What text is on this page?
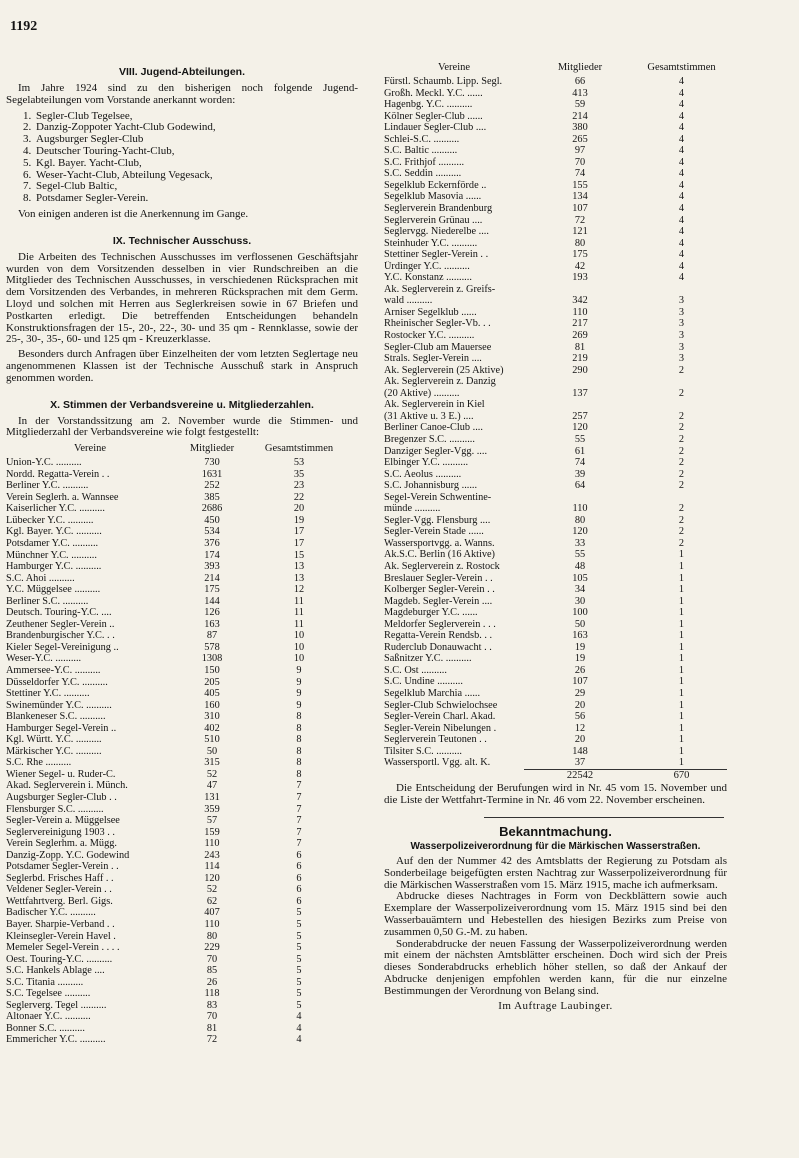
1192
VIII. Jugend-Abteilungen.

Im Jahre 1924 sind zu den bisherigen noch folgende Jugend-Segelabteilungen vom Vorstande anerkannt worden:

1. Segler-Club Tegelsee,
2. Danzig-Zoppoter Yacht-Club Godewind,
3. Augsburger Segler-Club
4. Deutscher Touring-Yacht-Club,
5. Kgl. Bayer. Yacht-Club,
6. Weser-Yacht-Club, Abteilung Vegesack,
7. Segel-Club Baltic,
8. Potsdamer Segler-Verein.

Von einigen anderen ist die Anerkennung im Gange.

IX. Technischer Ausschuss.

Die Arbeiten des Technischen Ausschusses im verflossenen Geschäftsjahr wurden von dem Vorsitzenden desselben in vier Rundschreiben an die Mitglieder des Technischen Ausschusses, in verschiedenen Rücksprachen mit dem Vorsitzenden des Verbandes, in mehreren Rücksprachen mit dem Germ. Lloyd und solchen mit Herren aus Seglerkreisen sowie in 67 Briefen und Postkarten erledigt. Die betreffenden Entscheidungen behandeln Konstruktionsfragen der 15-, 20-, 22-, 30- und 35 qm - Rennklasse, sowie der 25-, 30-, 35-, 60- und 125 qm - Kreuzerklasse.

Besonders durch Anfragen über Einzelheiten der vom letzten Seglertage neu angenommenen Klassen ist der Technische Ausschuß stark in Anspruch genommen worden.

X. Stimmen der Verbandsvereine u. Mitgliederzahlen.

In der Vorstandssitzung am 2. November wurde die Stimmen- und Mitgliederzahl der Verbandsvereine wie folgt festgestellt:

Vereine	Mitglieder	Gesamtstimmen
Union-Y.C. ..........	730	53
Nordd. Regatta-Verein . .	1631	35
Berliner Y.C. ..........	252	23
Verein Seglerh. a. Wannsee	385	22
Kaiserlicher Y.C. ..........	2686	20
Lübecker Y.C. ..........	450	19
Kgl. Bayer. Y.C. ..........	534	17
Potsdamer Y.C. ..........	376	17
Münchner Y.C. ..........	174	15
Hamburger Y.C. ..........	393	13
S.C. Ahoi ..........	214	13
Y.C. Müggelsee ..........	175	12
Berliner S.C. ..........	144	11
Deutsch. Touring-Y.C. ....	126	11
Zeuthener Segler-Verein ..	163	11
Brandenburgischer Y.C. . .	87	10
Kieler Segel-Vereinigung ..	578	10
Weser-Y.C. ..........	1308	10
Ammersee-Y.C. ..........	150	9
Düsseldorfer Y.C. ..........	205	9
Stettiner Y.C. ..........	405	9
Swinemünder Y.C. ..........	160	9
Blankeneser S.C. ..........	310	8
Hamburger Segel-Verein ..	402	8
Kgl. Württ. Y.C. ..........	510	8
Märkischer Y.C. ..........	50	8
S.C. Rhe ..........	315	8
Wiener Segel- u. Ruder-C.	52	8
Akad. Seglerverein i. Münch.	47	7
Augsburger Segler-Club . .	131	7
Flensburger S.C. ..........	359	7
Segler-Verein a. Müggelsee	57	7
Seglervereinigung 1903 . .	159	7
Verein Seglerhm. a. Mügg.	110	7
Danzig-Zopp. Y.C. Godewind	243	6
Potsdamer Segler-Verein . .	114	6
Seglerbd. Frisches Haff . .	120	6
Veldener Segler-Verein . .	52	6
Wettfahrtverg. Berl. Gigs.	62	6
Badischer Y.C. ..........	407	5
Bayer. Sharpie-Verband . .	110	5
Kleinsegler-Verein Havel .	80	5
Memeler Segel-Verein . . . .	229	5
Oest. Touring-Y.C. ..........	70	5
S.C. Hankels Ablage ....	85	5
S.C. Titania ..........	26	5
S.C. Tegelsee ..........	118	5
Seglerverg. Tegel ..........	83	5
Altonaer Y.C. ..........	70	4
Bonner S.C. ..........	81	4
Emmericher Y.C. ..........	72	4
Vereine	Mitglieder	Gesamtstimmen
Fürstl. Schaumb. Lipp. Segl.	66	4
Großh. Meckl. Y.C. ......	413	4
Hagenbg. Y.C. ..........	59	4
Kölner Segler-Club ......	214	4
Lindauer Segler-Club ....	380	4
Schlei-S.C. ..........	265	4
S.C. Baltic ..........	97	4
S.C. Frithjof ..........	70	4
S.C. Seddin ..........	74	4
Segelklub Eckernförde ..	155	4
Segelklub Masovia ......	134	4
Seglerverein Brandenburg	107	4
Seglerverein Grünau ....	72	4
Seglervgg. Niederelbe ....	121	4
Steinhuder Y.C. ..........	80	4
Stettiner Segler-Verein . .	175	4
Ürdinger Y.C. ..........	42	4
Y.C. Konstanz ..........	193	4
Ak. Seglerverein z. Greifs-		
wald ..........	342	3
Arniser Segelklub ......	110	3
Rheinischer Segler-Vb. . .	217	3
Rostocker Y.C. ..........	269	3
Segler-Club am Mauersee	81	3
Strals. Segler-Verein ....	219	3
Ak. Seglerverein (25 Aktive)	290	2
Ak. Seglerverein z. Danzig		
(20 Aktive) ..........	137	2
Ak. Seglerverein in Kiel		
(31 Aktive u. 3 E.) ....	257	2
Berliner Canoe-Club ....	120	2
Bregenzer S.C. ..........	55	2
Danziger Segler-Vgg. ....	61	2
Elbinger Y.C. ..........	74	2
S.C. Aeolus ..........	39	2
S.C. Johannisburg ......	64	2
Segel-Verein Schwentine-		
münde ..........	110	2
Segler-Vgg. Flensburg ....	80	2
Segler-Verein Stade ......	120	2
Wassersportvgg. a. Wanns.	33	2
Ak.S.C. Berlin (16 Aktive)	55	1
Ak. Seglerverein z. Rostock	48	1
Breslauer Segler-Verein . .	105	1
Kolberger Segler-Verein . .	34	1
Magdeb. Segler-Verein ....	30	1
Magdeburger Y.C. ......	100	1
Meldorfer Seglerverein . . .	50	1
Regatta-Verein Rendsb. . .	163	1
Ruderclub Donauwacht . .	19	1
Saßnitzer Y.C. ..........	19	1
S.C. Ost ..........	26	1
S.C. Undine ..........	107	1
Segelklub Marchia ......	29	1
Segler-Club Schwielochsee	20	1
Segler-Verein Charl. Akad.	56	1
Segler-Verein Nibelungen .	12	1
Seglerverein Teutonen . .	20	1
Tilsiter S.C. ..........	148	1
Wassersportl. Vgg. alt. K.	37	1
	22542	670

Die Entscheidung der Berufungen wird in Nr. 45 vom 15. November und die Liste der Wettfahrt-Termine in Nr. 46 vom 22. November erscheinen.

Bekanntmachung.
Wasserpolizeiverordnung für die Märkischen Wasserstraßen.

Auf den der Nummer 42 des Amtsblatts der Regierung zu Potsdam als Sonderbeilage beigefügten ersten Nachtrag zur Wasserpolizeiverordnung für die Märkischen Wasserstraßen vom 15. März 1915, mache ich aufmerksam.

Abdrucke dieses Nachtrages in Form von Deckblättern sowie auch Exemplare der Wasserpolizeiverordnung vom 15. März 1915 sind bei den Wasserbauämtern und Hebestellen des hiesigen Bezirks zum Preise von zusammen 0,50 G.-M. zu haben.

Sonderabdrucke der neuen Fassung der Wasserpolizeiverordnung werden mit einem der nächsten Amtsblätter erscheinen. Doch wird sich der Preis dieses Sonderabdrucks erheblich höher stellen, so daß der Ankauf der Abdrucke denjenigen empfohlen werden kann, für die nur einzelne Bestimmungen der Verordnung von Belang sind.

Im Auftrage Laubinger.
